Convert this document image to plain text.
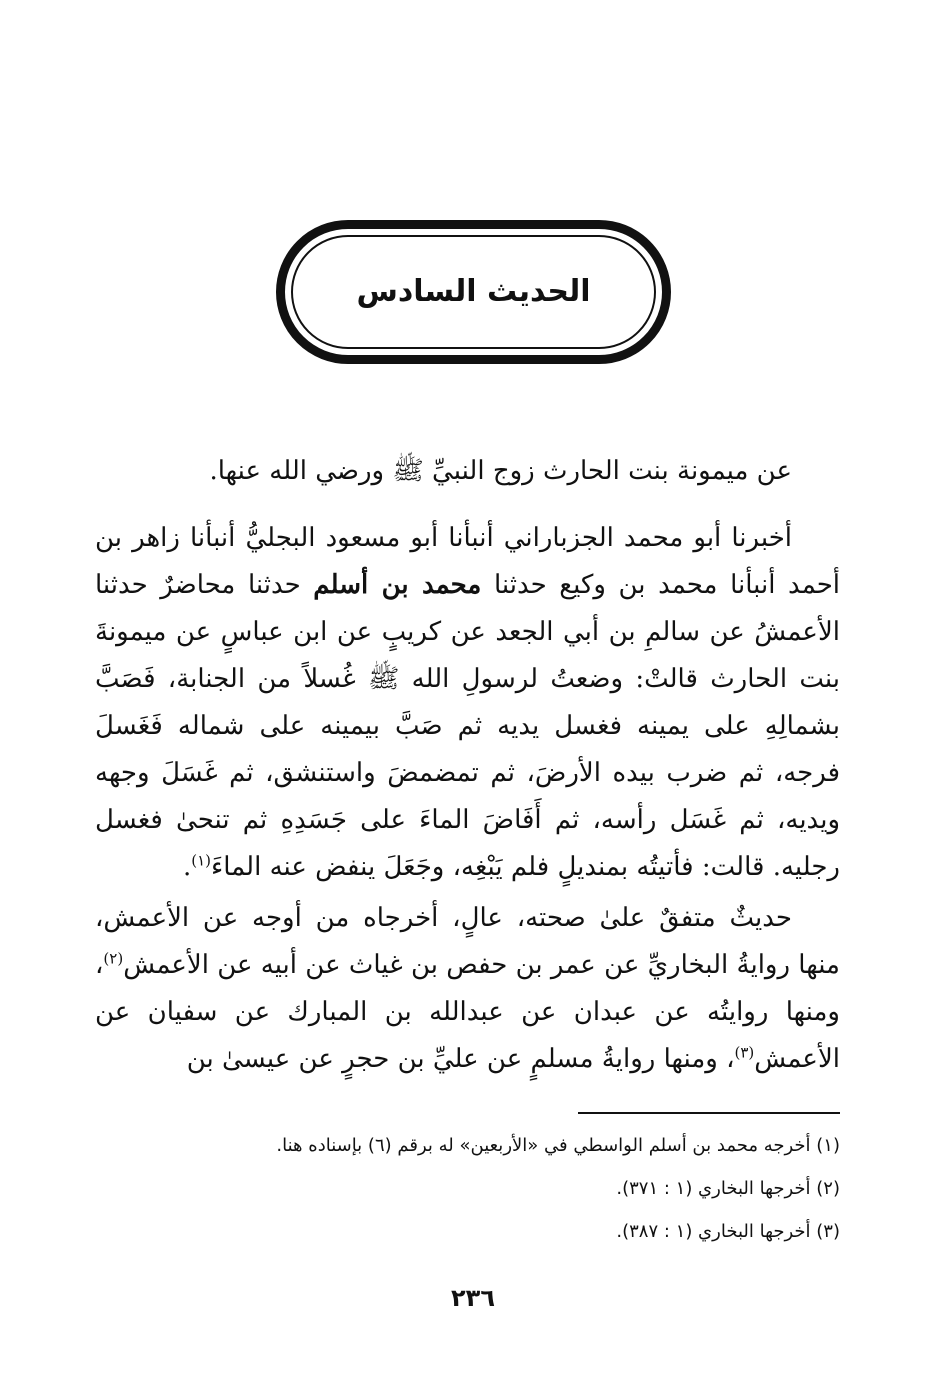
الحديث السادس

عن ميمونة بنت الحارث زوج النبيِّ ﷺ ورضي الله عنها.

أخبرنا أبو محمد الجزباراني أنبأنا أبو مسعود البجليُّ أنبأنا زاهر بن أحمد أنبأنا محمد بن وكيع حدثنا محمد بن أسلم حدثنا محاضرٌ حدثنا الأعمشُ عن سالمِ بن أبي الجعد عن كريبٍ عن ابن عباسٍ عن ميمونةَ بنت الحارث قالتْ: وضعتُ لرسولِ الله ﷺ غُسلاً من الجنابة، فَصَبَّ بشمالِهِ على يمينه فغسل يديه ثم صَبَّ بيمينه على شماله فَغَسلَ فرجه، ثم ضرب بيده الأرضَ، ثم تمضمضَ واستنشق، ثم غَسَلَ وجهه ويديه، ثم غَسَل رأسه، ثم أَفَاضَ الماءَ على جَسَدِهِ ثم تنحىٰ فغسل رجليه. قالت: فأتيتُه بمنديلٍ فلم يَبْغِه، وجَعَلَ ينفض عنه الماءَ$^{(١)}$.

حديثٌ متفقٌ علىٰ صحته، عالٍ، أخرجاه من أوجه عن الأعمش، منها روايةُ البخاريِّ عن عمر بن حفص بن غياث عن أبيه عن الأعمش$^{(٢)}$، ومنها روايتُه عن عبدان عن عبدالله بن المبارك عن سفيان عن الأعمش$^{(٣)}$، ومنها روايةُ مسلمٍ عن عليِّ بن حجرٍ عن عيسىٰ بن

(١) أخرجه محمد بن أسلم الواسطي في «الأربعين» له برقم (٦) بإسناده هنا.
(٢) أخرجها البخاري (١ : ٣٧١).
(٣) أخرجها البخاري (١ : ٣٨٧).
٢٣٦
